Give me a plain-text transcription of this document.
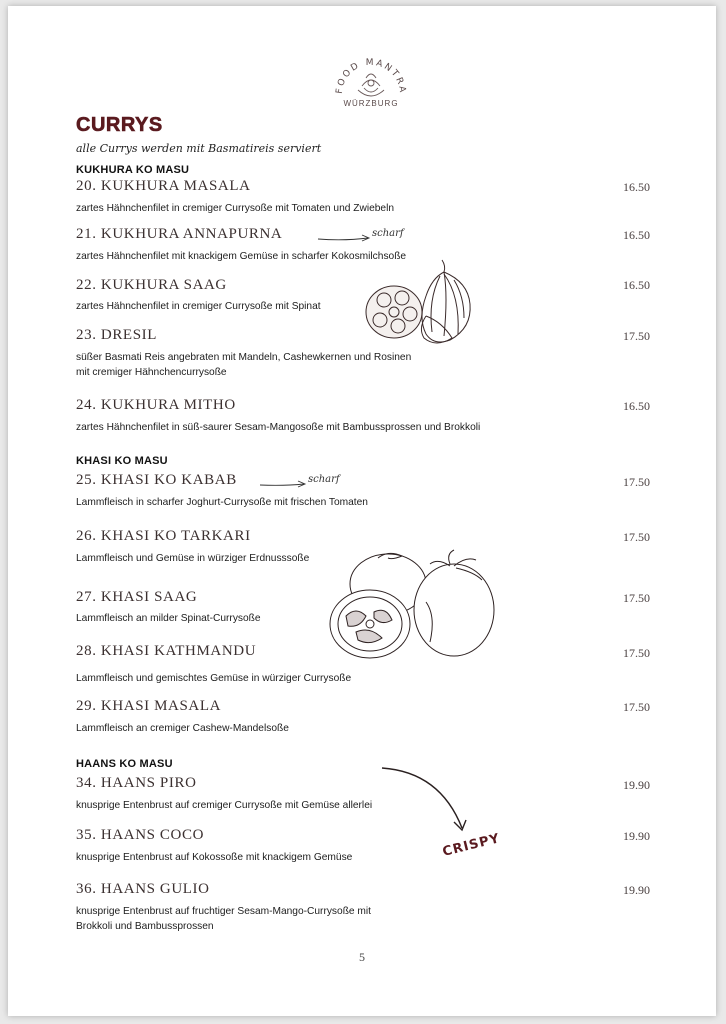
FOOD MANTRA
WÜRZBURG
CURRYS
alle Currys werden mit Basmatireis serviert
KUKHURA KO MASU
20. KUKHURA MASALA	16.50
zartes Hähnchenfilet in cremiger Currysoße mit Tomaten und Zwiebeln
21. KUKHURA ANNAPURNA	16.50
zartes Hähnchenfilet mit knackigem Gemüse in scharfer Kokosmilchsoße
22. KUKHURA SAAG	16.50
zartes Hähnchenfilet in cremiger Currysoße mit Spinat
23. DRESIL	17.50
süßer Basmati Reis angebraten mit Mandeln, Cashewkernen und Rosinen
mit cremiger Hähnchencurrysoße
24. KUKHURA MITHO	16.50
zartes Hähnchenfilet in süß-saurer Sesam-Mangosoße mit Bambussprossen und Brokkoli
KHASI KO MASU
25. KHASI KO KABAB	17.50
Lammfleisch in scharfer Joghurt-Currysoße mit frischen Tomaten
26. KHASI KO TARKARI	17.50
Lammfleisch und Gemüse in würziger Erdnusssoße
27. KHASI SAAG	17.50
Lammfleisch an milder Spinat-Currysoße
28. KHASI KATHMANDU	17.50
Lammfleisch und gemischtes Gemüse in würziger Currysoße
29. KHASI MASALA	17.50
Lammfleisch an cremiger Cashew-Mandelsoße
HAANS KO MASU
34. HAANS PIRO	19.90
knusprige Entenbrust auf cremiger Currysoße mit Gemüse allerlei
35. HAANS COCO	19.90
knusprige Entenbrust auf Kokossoße mit knackigem Gemüse
36. HAANS GULIO	19.90
knusprige Entenbrust auf fruchtiger Sesam-Mango-Currysoße mit
Brokkoli und Bambussprossen
scharf
scharf
CRISPY
5
